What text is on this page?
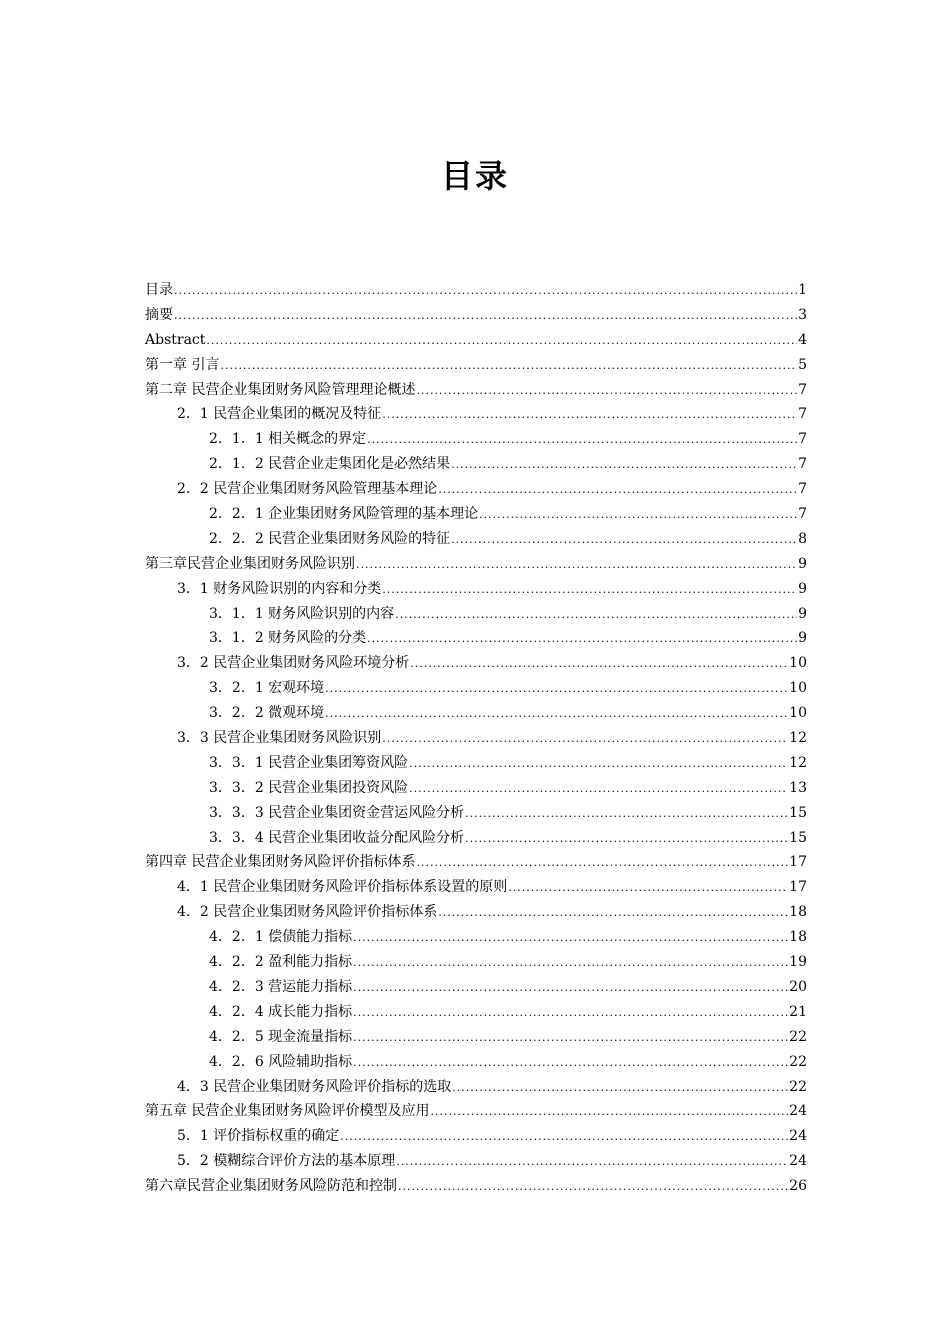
目录
目录 .....	1
摘要 .....	3
Abstract .....	4
第一章 引言 .....	5
第二章 民营企业集团财务风险管理理论概述 .....	7
2．1 民营企业集团的概况及特征 .....	7
2．1．1 相关概念的界定 .....	7
2．1．2 民营企业走集团化是必然结果 .....	7
2．2 民营企业集团财务风险管理基本理论 .....	7
2．2．1 企业集团财务风险管理的基本理论 .....	7
2．2．2 民营企业集团财务风险的特征 .....	8
第三章民营企业集团财务风险识别 .....	9
3．1 财务风险识别的内容和分类 .....	9
3．1．1 财务风险识别的内容 .....	9
3．1．2 财务风险的分类 .....	9
3．2 民营企业集团财务风险环境分析 .....	10
3．2．1 宏观环境 .....	10
3．2．2 微观环境 .....	10
3．3 民营企业集团财务风险识别 .....	12
3．3．1 民营企业集团筹资风险 .....	12
3．3．2 民营企业集团投资风险 .....	13
3．3．3 民营企业集团资金营运风险分析 .....	15
3．3．4 民营企业集团收益分配风险分析 .....	15
第四章 民营企业集团财务风险评价指标体系 .....	17
4．1 民营企业集团财务风险评价指标体系设置的原则 .....	17
4．2 民营企业集团财务风险评价指标体系 .....	18
4．2．1 偿债能力指标 .....	18
4．2．2 盈利能力指标 .....	19
4．2．3 营运能力指标 .....	20
4．2．4 成长能力指标 .....	21
4．2．5 现金流量指标 .....	22
4．2．6 风险辅助指标 .....	22
4．3 民营企业集团财务风险评价指标的选取 .....	22
第五章 民营企业集团财务风险评价模型及应用 .....	24
5．1 评价指标权重的确定 .....	24
5．2 模糊综合评价方法的基本原理 .....	24
第六章民营企业集团财务风险防范和控制 .....	26
